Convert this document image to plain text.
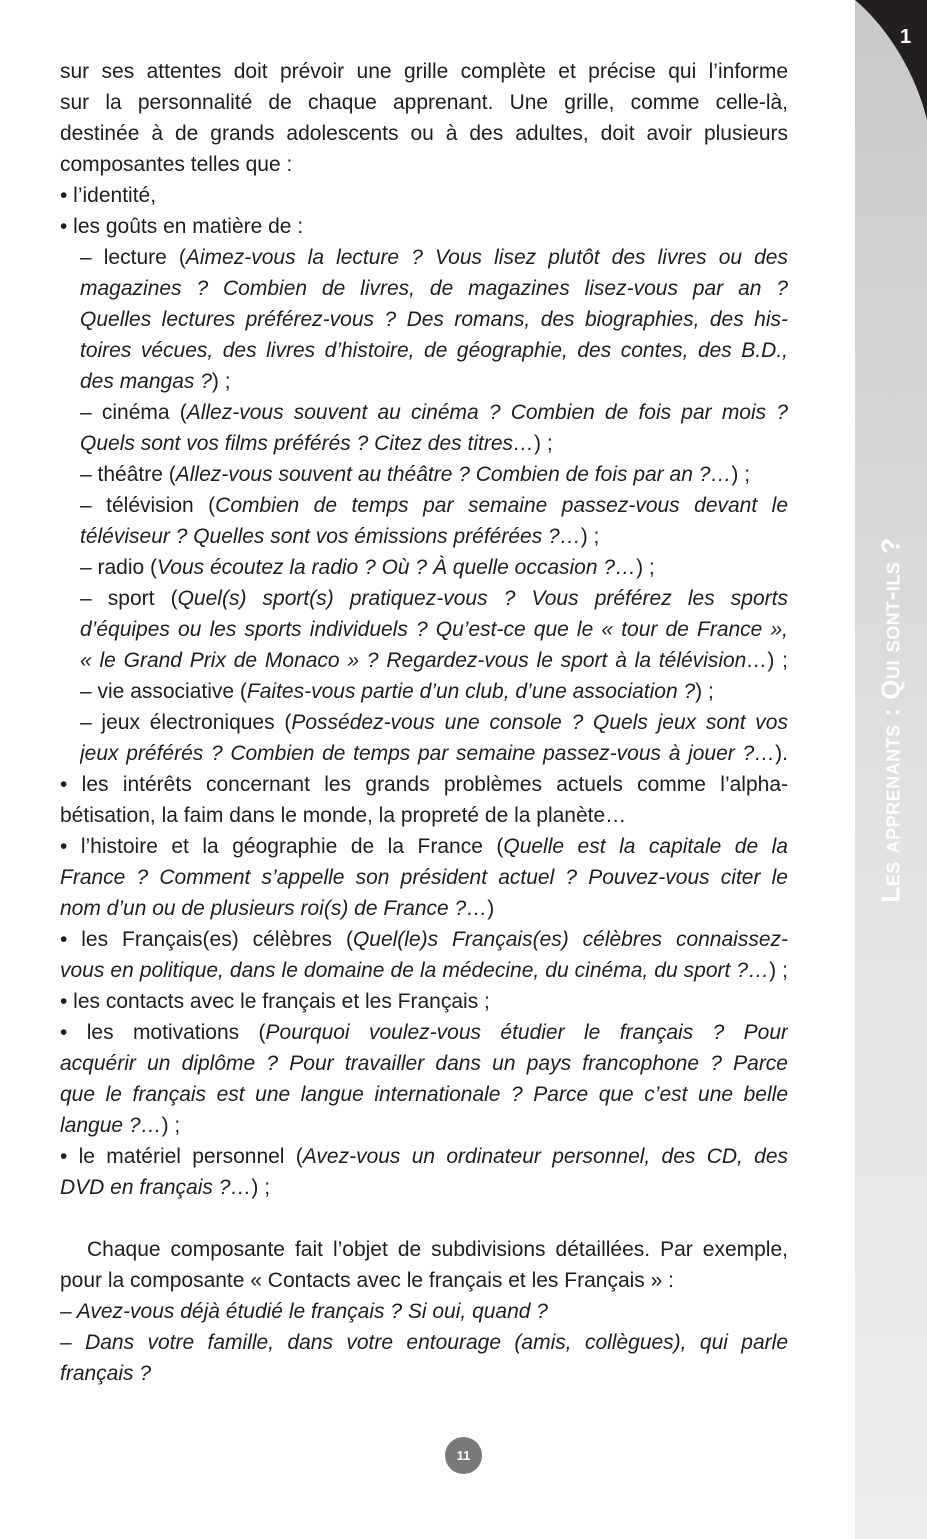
1
Les apprenants : Qui sont-ils ?
sur ses attentes doit prévoir une grille complète et précise qui l’informe
sur la personnalité de chaque apprenant. Une grille, comme celle-là,
destinée à de grands adolescents ou à des adultes, doit avoir plusieurs
composantes telles que :
• l’identité,
• les goûts en matière de :
– lecture (Aimez-vous la lecture ? Vous lisez plutôt des livres ou des
magazines ? Combien de livres, de magazines lisez-vous par an ?
Quelles lectures préférez-vous ? Des romans, des biographies, des his-
toires vécues, des livres d’histoire, de géographie, des contes, des B.D.,
des mangas ?) ;
– cinéma (Allez-vous souvent au cinéma ? Combien de fois par mois ?
Quels sont vos films préférés ? Citez des titres…) ;
– théâtre (Allez-vous souvent au théâtre ? Combien de fois par an ?…) ;
– télévision (Combien de temps par semaine passez-vous devant le
téléviseur ? Quelles sont vos émissions préférées ?…) ;
– radio (Vous écoutez la radio ? Où ? À quelle occasion ?…) ;
– sport (Quel(s) sport(s) pratiquez-vous ? Vous préférez les sports
d’équipes ou les sports individuels ? Qu’est-ce que le « tour de France »,
« le Grand Prix de Monaco » ? Regardez-vous le sport à la télévision…) ;
– vie associative (Faites-vous partie d’un club, d’une association ?) ;
– jeux électroniques (Possédez-vous une console ? Quels jeux sont vos
jeux préférés ? Combien de temps par semaine passez-vous à jouer ?…).
• les intérêts concernant les grands problèmes actuels comme l’alpha-
bétisation, la faim dans le monde, la propreté de la planète…
• l’histoire et la géographie de la France (Quelle est la capitale de la
France ? Comment s’appelle son président actuel ? Pouvez-vous citer le
nom d’un ou de plusieurs roi(s) de France ?…)
• les Français(es) célèbres (Quel(le)s Français(es) célèbres connaissez-
vous en politique, dans le domaine de la médecine, du cinéma, du sport ?…) ;
• les contacts avec le français et les Français ;
• les motivations (Pourquoi voulez-vous étudier le français ? Pour
acquérir un diplôme ? Pour travailler dans un pays francophone ? Parce
que le français est une langue internationale ? Parce que c’est une belle
langue ?…) ;
• le matériel personnel (Avez-vous un ordinateur personnel, des CD, des
DVD en français ?…) ;
Chaque composante fait l’objet de subdivisions détaillées. Par exemple,
pour la composante « Contacts avec le français et les Français » :
– Avez-vous déjà étudié le français ? Si oui, quand ?
– Dans votre famille, dans votre entourage (amis, collègues), qui parle
français ?
11
